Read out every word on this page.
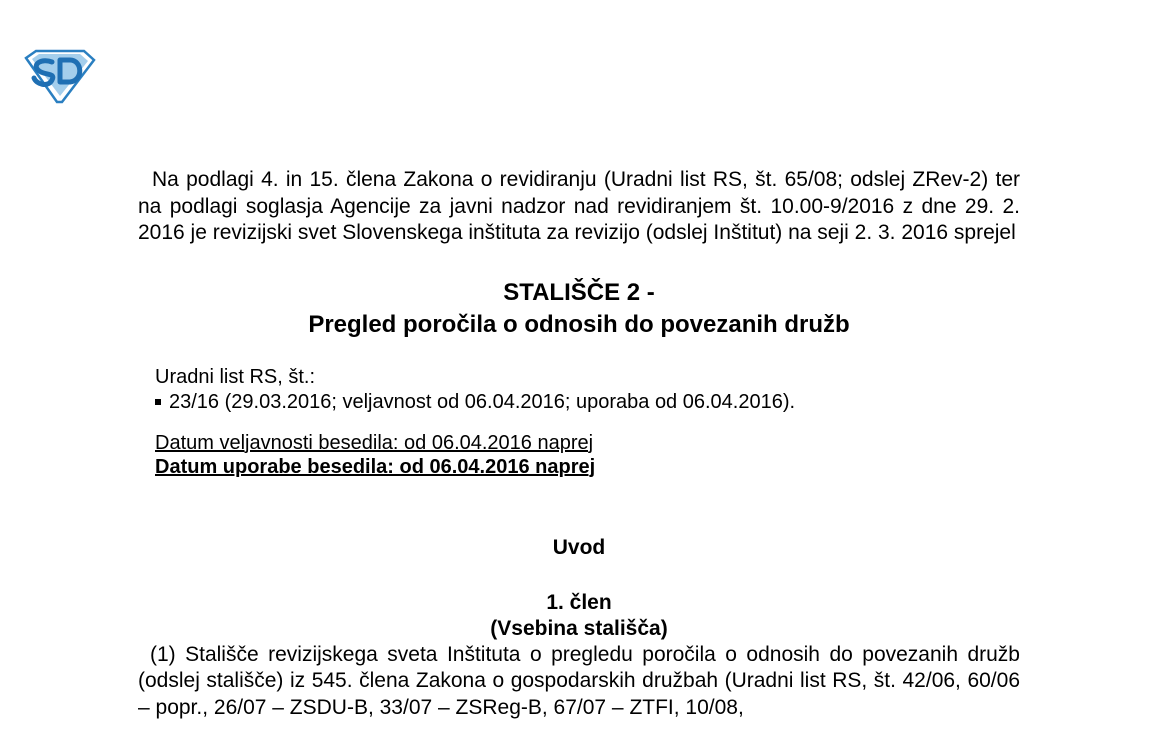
Na podlagi 4. in 15. člena Zakona o revidiranju (Uradni list RS, št. 65/08; odslej ZRev-2) ter na podlagi soglasja Agencije za javni nadzor nad revidiranjem št. 10.00-9/2016 z dne 29. 2. 2016 je revizijski svet Slovenskega inštituta za revizijo (odslej Inštitut) na seji 2. 3. 2016 sprejel

STALIŠČE 2 -
Pregled poročila o odnosih do povezanih družb
Uradni list RS, št.:
23/16 (29.03.2016; veljavnost od 06.04.2016; uporaba od 06.04.2016).
Datum veljavnosti besedila: od 06.04.2016 naprej
Datum uporabe besedila: od 06.04.2016 naprej
Uvod
1. člen
(Vsebina stališča)

(1) Stališče revizijskega sveta Inštituta o pregledu poročila o odnosih do povezanih družb (odslej stališče) iz 545. člena Zakona o gospodarskih družbah (Uradni list RS, št. 42/06, 60/06 – popr., 26/07 – ZSDU-B, 33/07 – ZSReg-B, 67/07 – ZTFI, 10/08,
